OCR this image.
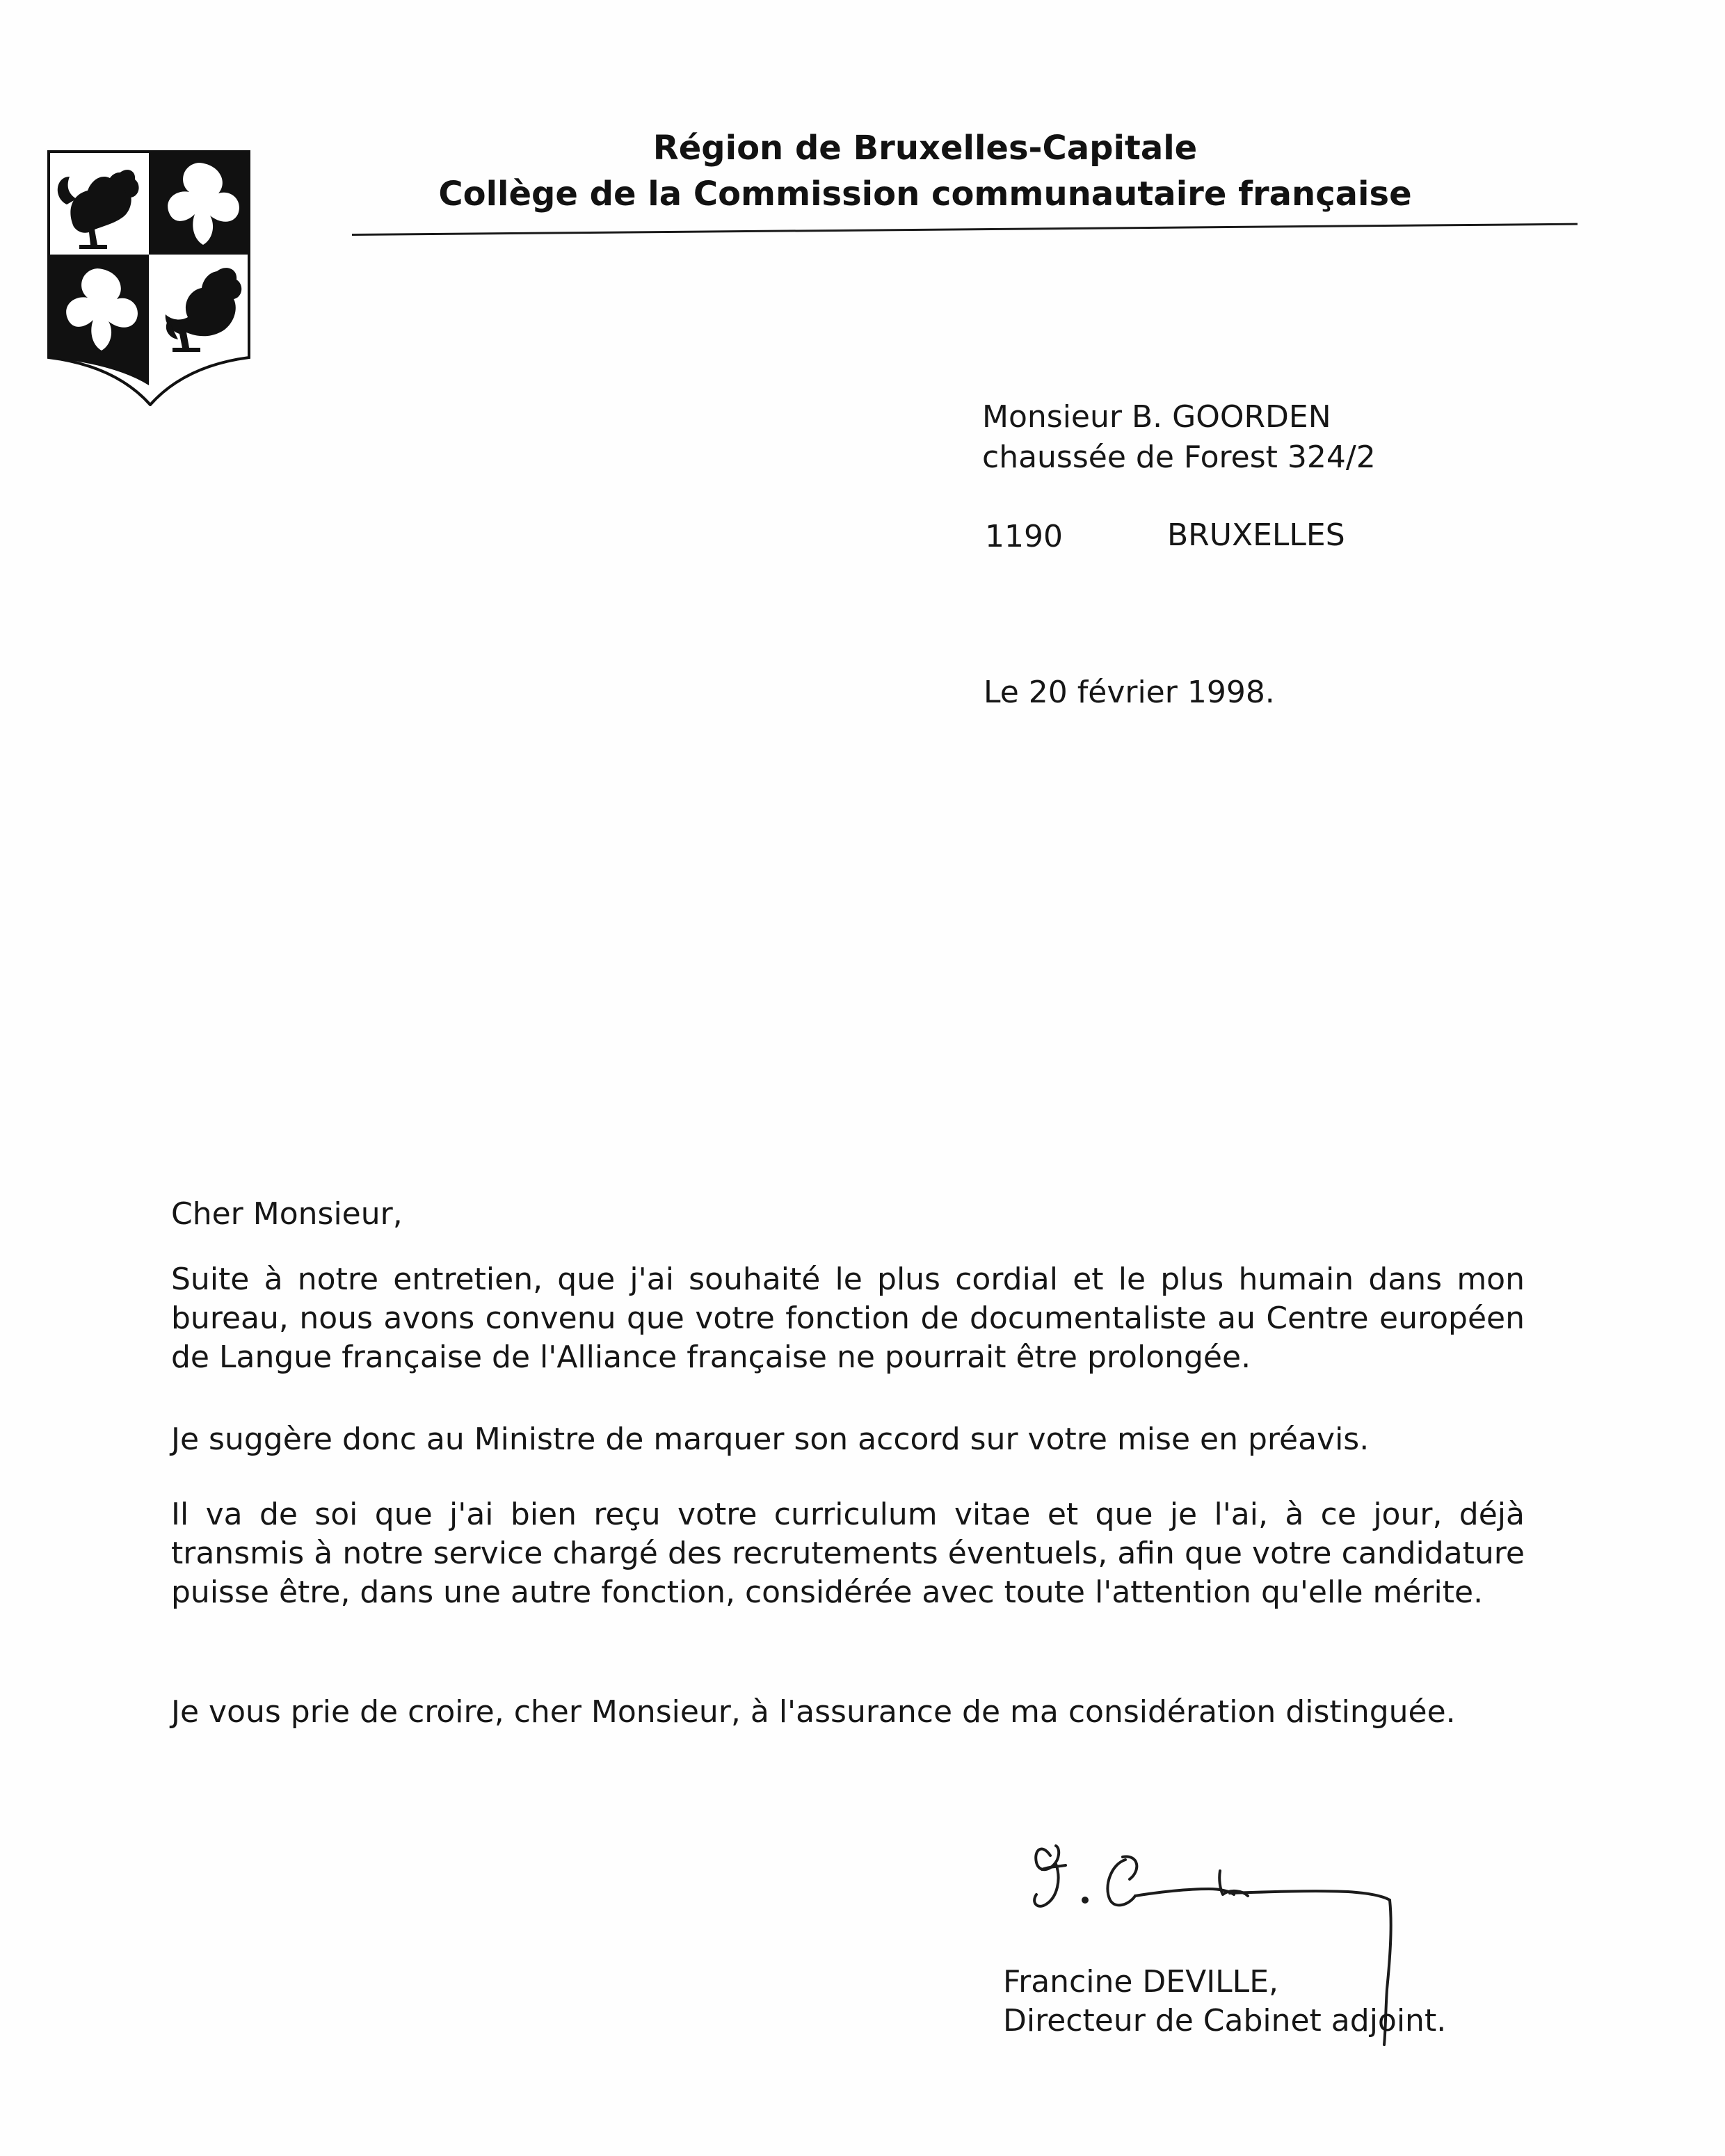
Région de Bruxelles-Capitale
Collège de la Commission communautaire française
Monsieur B. GOORDEN
chaussée de Forest 324/2
1190	BRUXELLES
Le 20 février 1998.
Cher Monsieur,
Suite à notre entretien, que j'ai souhaité le plus cordial et le plus humain dans mon bureau, nous avons convenu que votre fonction de documentaliste au Centre européen de Langue française de l'Alliance française ne pourrait être prolongée.
Je suggère donc au Ministre de marquer son accord sur votre mise en préavis.
Il va de soi que j'ai bien reçu votre curriculum vitae et que je l'ai, à ce jour, déjà transmis à notre service chargé des recrutements éventuels, afin que votre candidature puisse être, dans une autre fonction, considérée avec toute l'attention qu'elle mérite.
Je vous prie de croire, cher Monsieur, à l'assurance de ma considération distinguée.
Francine DEVILLE,
Directeur de Cabinet adjoint.
